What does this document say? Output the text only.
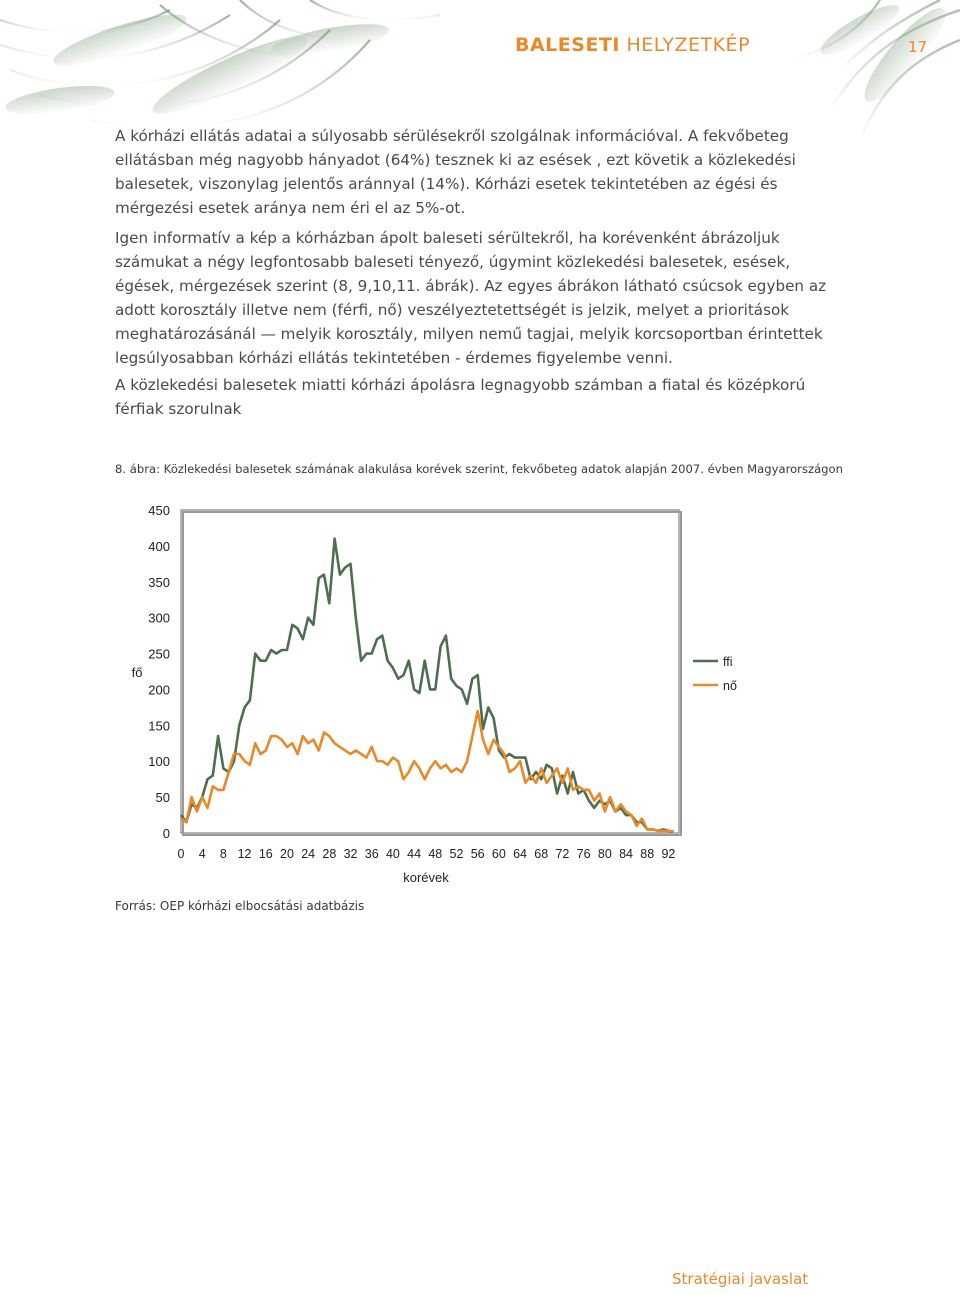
BALESETI HELYZETKÉP	17

A kórházi ellátás adatai a súlyosabb sérülésekről szolgálnak információval. A fekvőbeteg ellátásban még nagyobb hányadot (64%) tesznek ki az esések , ezt követik a közlekedési balesetek, viszonylag jelentős aránnyal (14%). Kórházi esetek tekintetében az égési és mérgezési esetek aránya nem éri el az 5%-ot.

Igen informatív a kép a kórházban ápolt baleseti sérültekről, ha korévenként ábrázoljuk számukat a négy legfontosabb baleseti tényező, úgymint közlekedési balesetek, esések, égések, mérgezések szerint (8, 9,10,11. ábrák). Az egyes ábrákon látható csúcsok egyben az adott korosztály illetve nem (férfi, nő) veszélyeztetettségét is jelzik, melyet a prioritások meghatározásánál — melyik korosztály, milyen nemű tagjai, melyik korcsoportban érintettek legsúlyosabban kórházi ellátás tekintetében - érdemes figyelembe venni.

A közlekedési balesetek miatti kórházi ápolásra legnagyobb számban a fiatal és középkorú férfiak szorulnak

8. ábra: Közlekedési balesetek számának alakulása korévek szerint, fekvőbeteg adatok alapján 2007. évben Magyarországon
0
50
100
150
200
250
300
350
400
450
0 4 8 12 16 20 24 28 32 36 40 44 48 52 56 60 64 68 72 76 80 84 88 92
ffi
nő
korévek
fő
Forrás: OEP kórházi elbocsátási adatbázis
Stratégiai javaslat
